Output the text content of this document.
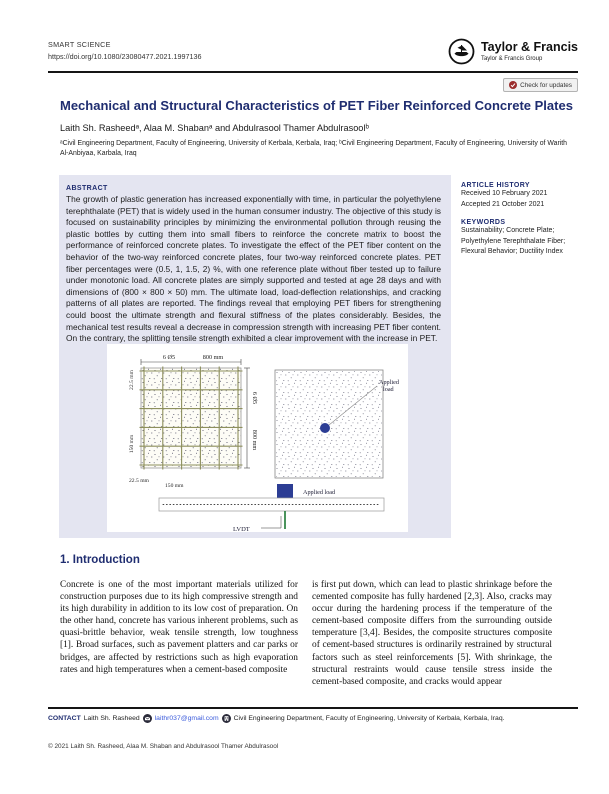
SMART SCIENCE
https://doi.org/10.1080/23080477.2021.1997136
Taylor & Francis
Taylor & Francis Group
Check for updates
Mechanical and Structural Characteristics of PET Fiber Reinforced Concrete Plates
Laith Sh. Rasheedᵃ, Alaa M. Shabanᵃ and Abdulrasool Thamer Abdulrasoolᵇ
ᵃCivil Engineering Department, Faculty of Engineering, University of Kerbala, Kerbala, Iraq; ᵇCivil Engineering Department, Faculty of Engineering, University of Warith Al-Anbiyaa, Karbala, Iraq
ABSTRACT

The growth of plastic generation has increased exponentially with time, in particular the polyethylene terephthalate (PET) that is widely used in the human consumer industry. The objective of this study is focused on sustainability principles by minimizing the environmental pollution through reusing the plastic bottles by cutting them into small fibers to reinforce the concrete matrix to boost the performance of reinforced concrete plates. To investigate the effect of the PET fiber content on the behavior of the two-way reinforced concrete plates, four two-way reinforced concrete plates. PET fiber percentages were (0.5, 1, 1.5, 2) %, with one reference plate without fiber tested up to failure under monotonic load. All concrete plates are simply supported and tested at age 28 days and with dimensions of (800 × 800 × 50) mm. The ultimate load, load-deflection relationships, and cracking patterns of all plates are reported. The findings reveal that employing PET fibers for strengthening could boost the ultimate strength and flexural stiffness of the plates considerably. Besides, the mechanical test results reveal a decrease in compression strength with increasing PET fiber content. On the contrary, the splitting tensile strength exhibited a clear improvement with the increase in PET.

6 Ø5	800 mm
22.5 mm
150 mm
6 Ø5
800 mm
22.5 mm
150 mm
Applied
load
Applied load
LVDT
ARTICLE HISTORY
Received 10 February 2021
Accepted 21 October 2021
KEYWORDS
Sustainability; Concrete Plate; Polyethylene Terephthalate Fiber; Flexural Behavior; Ductility Index
1. Introduction

Concrete is one of the most important materials utilized for construction purposes due to its high compressive strength and its high durability in addition to its low cost of preparation. On the other hand, concrete has various inherent problems, such as quasi-brittle behavior, weak tensile strength, low toughness [1]. Broad surfaces, such as pavement platters and car parks or bridges, are affected by restrictions such as high evaporation rates and high temperatures when a cement-based composite

is first put down, which can lead to plastic shrinkage before the cemented composite has fully hardened [2,3]. Also, cracks may occur during the hardening process if the temperature of the cement-based composite differs from the surrounding outside temperature [3,4]. Besides, the composite structures composite of cement-based structures is ordinarily restrained by structural factors such as steel reinforcements [5]. With shrinkage, the structural restraints would cause tensile stress inside the cement-based composite, and cracks would appear

CONTACT Laith Sh. Rasheed laithr037@gmail.com Civil Engineering Department, Faculty of Engineering, University of Kerbala, Kerbala, Iraq.
© 2021 Laith Sh. Rasheed, Alaa M. Shaban and Abdulrasool Thamer Abdulrasool
